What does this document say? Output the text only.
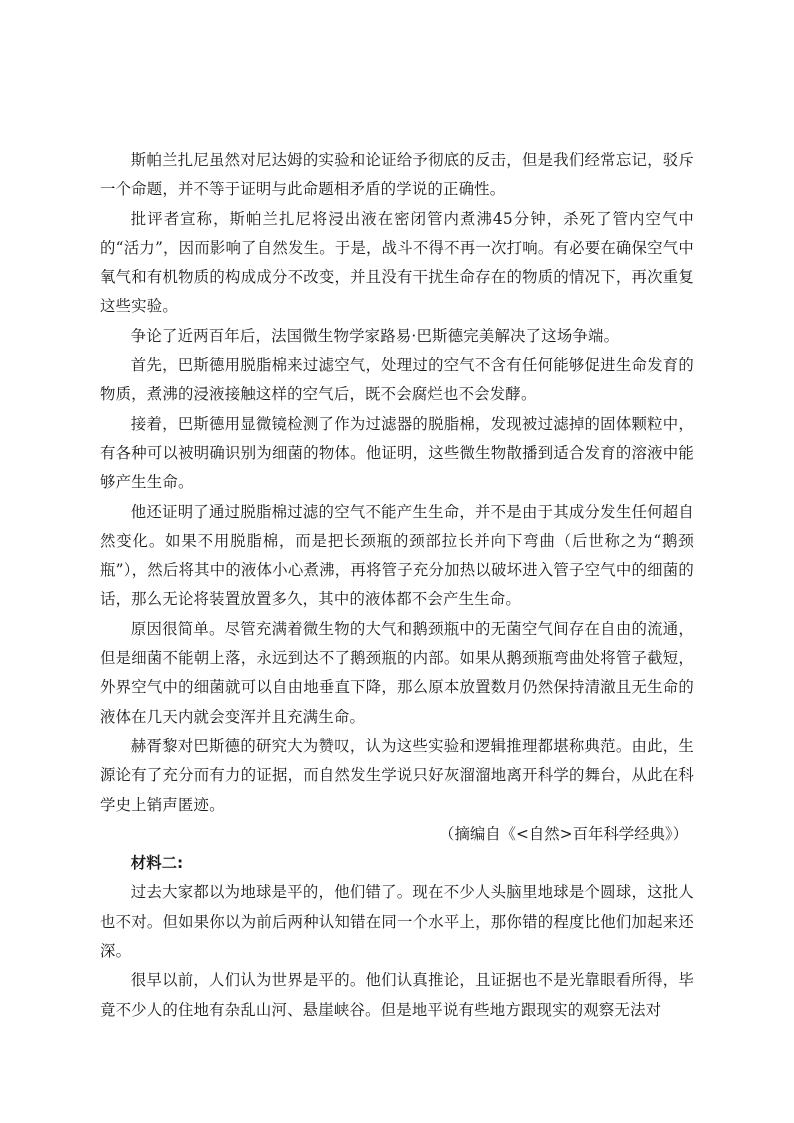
斯帕兰扎尼虽然对尼达姆的实验和论证给予彻底的反击，但是我们经常忘记，驳斥一个命题，并不等于证明与此命题相矛盾的学说的正确性。

批评者宣称，斯帕兰扎尼将浸出液在密闭管内煮沸45分钟，杀死了管内空气中的“活力”，因而影响了自然发生。于是，战斗不得不再一次打响。有必要在确保空气中氧气和有机物质的构成成分不改变，并且没有干扰生命存在的物质的情况下，再次重复这些实验。

争论了近两百年后，法国微生物学家路易·巴斯德完美解决了这场争端。

首先，巴斯德用脱脂棉来过滤空气，处理过的空气不含有任何能够促进生命发育的物质，煮沸的浸液接触这样的空气后，既不会腐烂也不会发酵。

接着，巴斯德用显微镜检测了作为过滤器的脱脂棉，发现被过滤掉的固体颗粒中，有各种可以被明确识别为细菌的物体。他证明，这些微生物散播到适合发育的溶液中能够产生生命。

他还证明了通过脱脂棉过滤的空气不能产生生命，并不是由于其成分发生任何超自然变化。如果不用脱脂棉，而是把长颈瓶的颈部拉长并向下弯曲（后世称之为“鹅颈瓶”），然后将其中的液体小心煮沸，再将管子充分加热以破坏进入管子空气中的细菌的话，那么无论将装置放置多久，其中的液体都不会产生生命。

原因很简单。尽管充满着微生物的大气和鹅颈瓶中的无菌空气间存在自由的流通，但是细菌不能朝上落，永远到达不了鹅颈瓶的内部。如果从鹅颈瓶弯曲处将管子截短，外界空气中的细菌就可以自由地垂直下降，那么原本放置数月仍然保持清澈且无生命的液体在几天内就会变浑并且充满生命。

赫胥黎对巴斯德的研究大为赞叹，认为这些实验和逻辑推理都堪称典范。由此，生源论有了充分而有力的证据，而自然发生学说只好灰溜溜地离开科学的舞台，从此在科学史上销声匿迹。

（摘编自《<自然>百年科学经典》）

材料二:

过去大家都以为地球是平的，他们错了。现在不少人头脑里地球是个圆球，这批人也不对。但如果你以为前后两种认知错在同一个水平上，那你错的程度比他们加起来还深。

很早以前，人们认为世界是平的。他们认真推论，且证据也不是光靠眼看所得，毕竟不少人的住地有杂乱山河、悬崖峡谷。但是地平说有些地方跟现实的观察无法对
